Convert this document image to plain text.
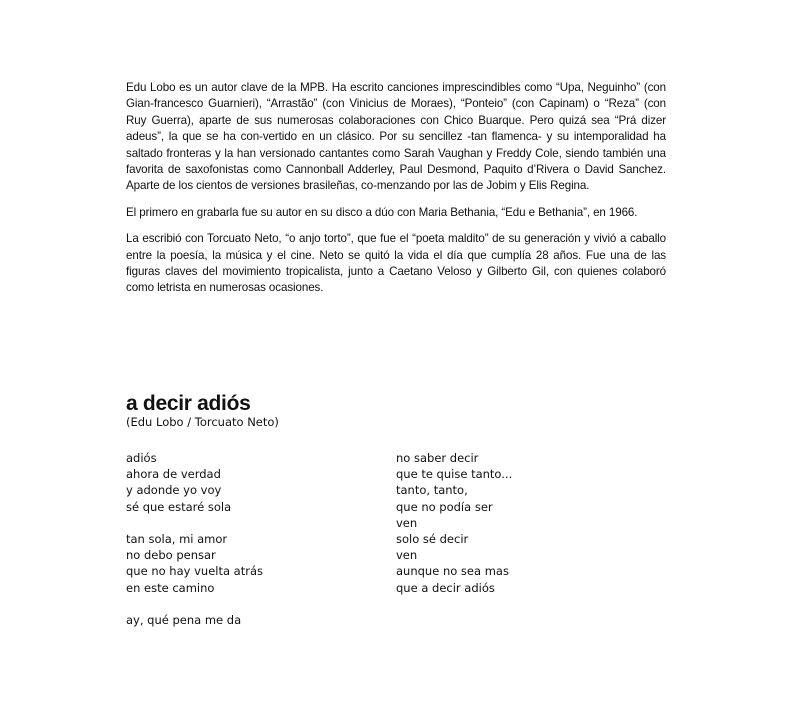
Edu Lobo es un autor clave de la MPB. Ha escrito canciones imprescindibles como “Upa, Neguinho” (con Gian-francesco Guarnieri), “Arrastão” (con Vinicius de Moraes), “Ponteio” (con Capinam) o “Reza” (con Ruy Guerra), aparte de sus numerosas colaboraciones con Chico Buarque. Pero quizá sea “Prá dizer adeus”, la que se ha con-vertido en un clásico. Por su sencillez -tan flamenca- y su intemporalidad ha saltado fronteras y la han versionado cantantes como Sarah Vaughan y Freddy Cole, siendo también una favorita de saxofonistas como Cannonball Adderley, Paul Desmond, Paquito d’Rivera o David Sanchez. Aparte de los cientos de versiones brasileñas, co-menzando por las de Jobim y Elis Regina.

El primero en grabarla fue su autor en su disco a dúo con Maria Bethania, “Edu e Bethania”, en 1966.

La escribió con Torcuato Neto, “o anjo torto”, que fue el “poeta maldito” de su generación y vivió a caballo entre la poesía, la música y el cine. Neto se quitó la vida el día que cumplía 28 años. Fue una de las figuras claves del movimiento tropicalista, junto a Caetano Veloso y Gilberto Gil, con quienes colaboró como letrista en numerosas ocasiones.

a decir adiós
(Edu Lobo / Torcuato Neto)
adiós
ahora de verdad
y adonde yo voy
sé que estaré sola
tan sola, mi amor
no debo pensar
que no hay vuelta atrás
en este camino
ay, qué pena me da
no saber decir
que te quise tanto...
tanto, tanto,
que no podía ser
ven
solo sé decir
ven
aunque no sea mas
que a decir adiós
